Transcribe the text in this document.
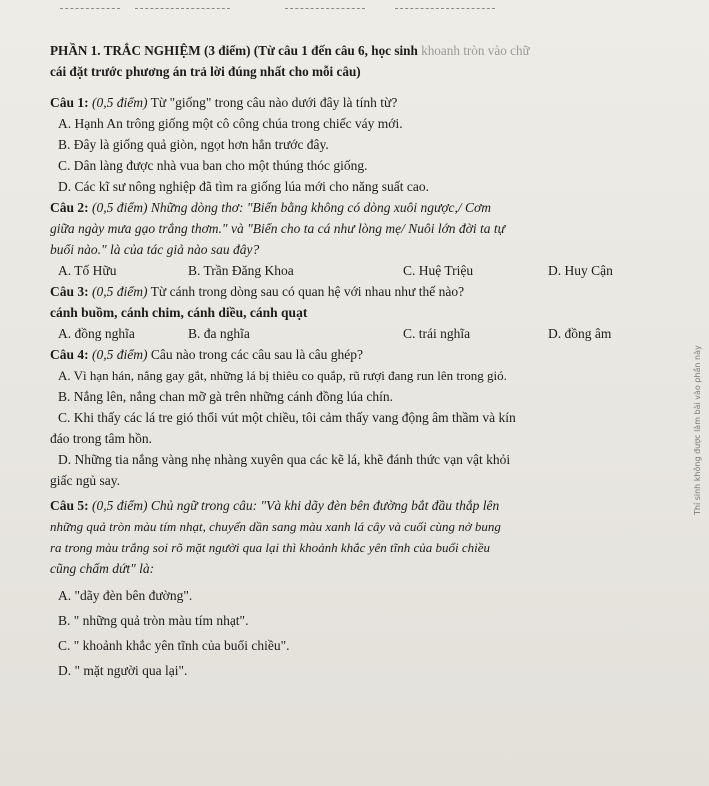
PHẦN 1. TRẮC NGHIỆM (3 điểm) (Từ câu 1 đến câu 6, học sinh khoanh tròn vào chữ
cái đặt trước phương án trả lời đúng nhất cho mỗi câu)
Câu 1: (0,5 điểm) Từ "giống" trong câu nào dưới đây là tính từ?
A. Hạnh An trông giống một cô công chúa trong chiếc váy mới.
B. Đây là giống quả giòn, ngọt hơn hẳn trước đây.
C. Dân làng được nhà vua ban cho một thúng thóc giống.
D. Các kĩ sư nông nghiệp đã tìm ra giống lúa mới cho năng suất cao.
Câu 2: (0,5 điểm) Những dòng thơ: "Biển bằng không có dòng xuôi ngược,/ Cơm
giữa ngày mưa gạo trắng thơm." và "Biển cho ta cá như lòng mẹ/ Nuôi lớn đời ta tự
buổi nào." là của tác giả nào sau đây?
A. Tố Hữu	B. Trần Đăng Khoa	C. Huệ Triệu	D. Huy Cận
Câu 3: (0,5 điểm) Từ cánh trong dòng sau có quan hệ với nhau như thế nào?
cánh buồm, cánh chim, cánh diều, cánh quạt
A. đồng nghĩa	B. đa nghĩa	C. trái nghĩa	D. đồng âm
Câu 4: (0,5 điểm) Câu nào trong các câu sau là câu ghép?
A. Vì hạn hán, nắng gay gắt, những lá bị thiêu co quắp, rũ rượi đang run lên trong gió.
B. Nắng lên, nắng chan mỡ gà trên những cánh đồng lúa chín.
C. Khi thấy các lá tre gió thổi vút một chiều, tôi cảm thấy vang động âm thầm và kín
đáo trong tâm hồn.
D. Những tia nắng vàng nhẹ nhàng xuyên qua các kẽ lá, khẽ đánh thức vạn vật khỏi
giấc ngủ say.
Câu 5: (0,5 điểm) Chủ ngữ trong câu: "Và khi dãy đèn bên đường bắt đầu thắp lên
những quả tròn màu tím nhạt, chuyển dần sang màu xanh lá cây và cuối cùng nở bung
ra trong màu trắng soi rõ mặt người qua lại thì khoảnh khắc yên tĩnh của buổi chiều
cũng chấm dứt" là:
A. "dãy đèn bên đường".
B. " những quả tròn màu tím nhạt".
C. " khoảnh khắc yên tĩnh của buổi chiều".
D. " mặt người qua lại".
Thí sinh không được làm bài vào phần này
